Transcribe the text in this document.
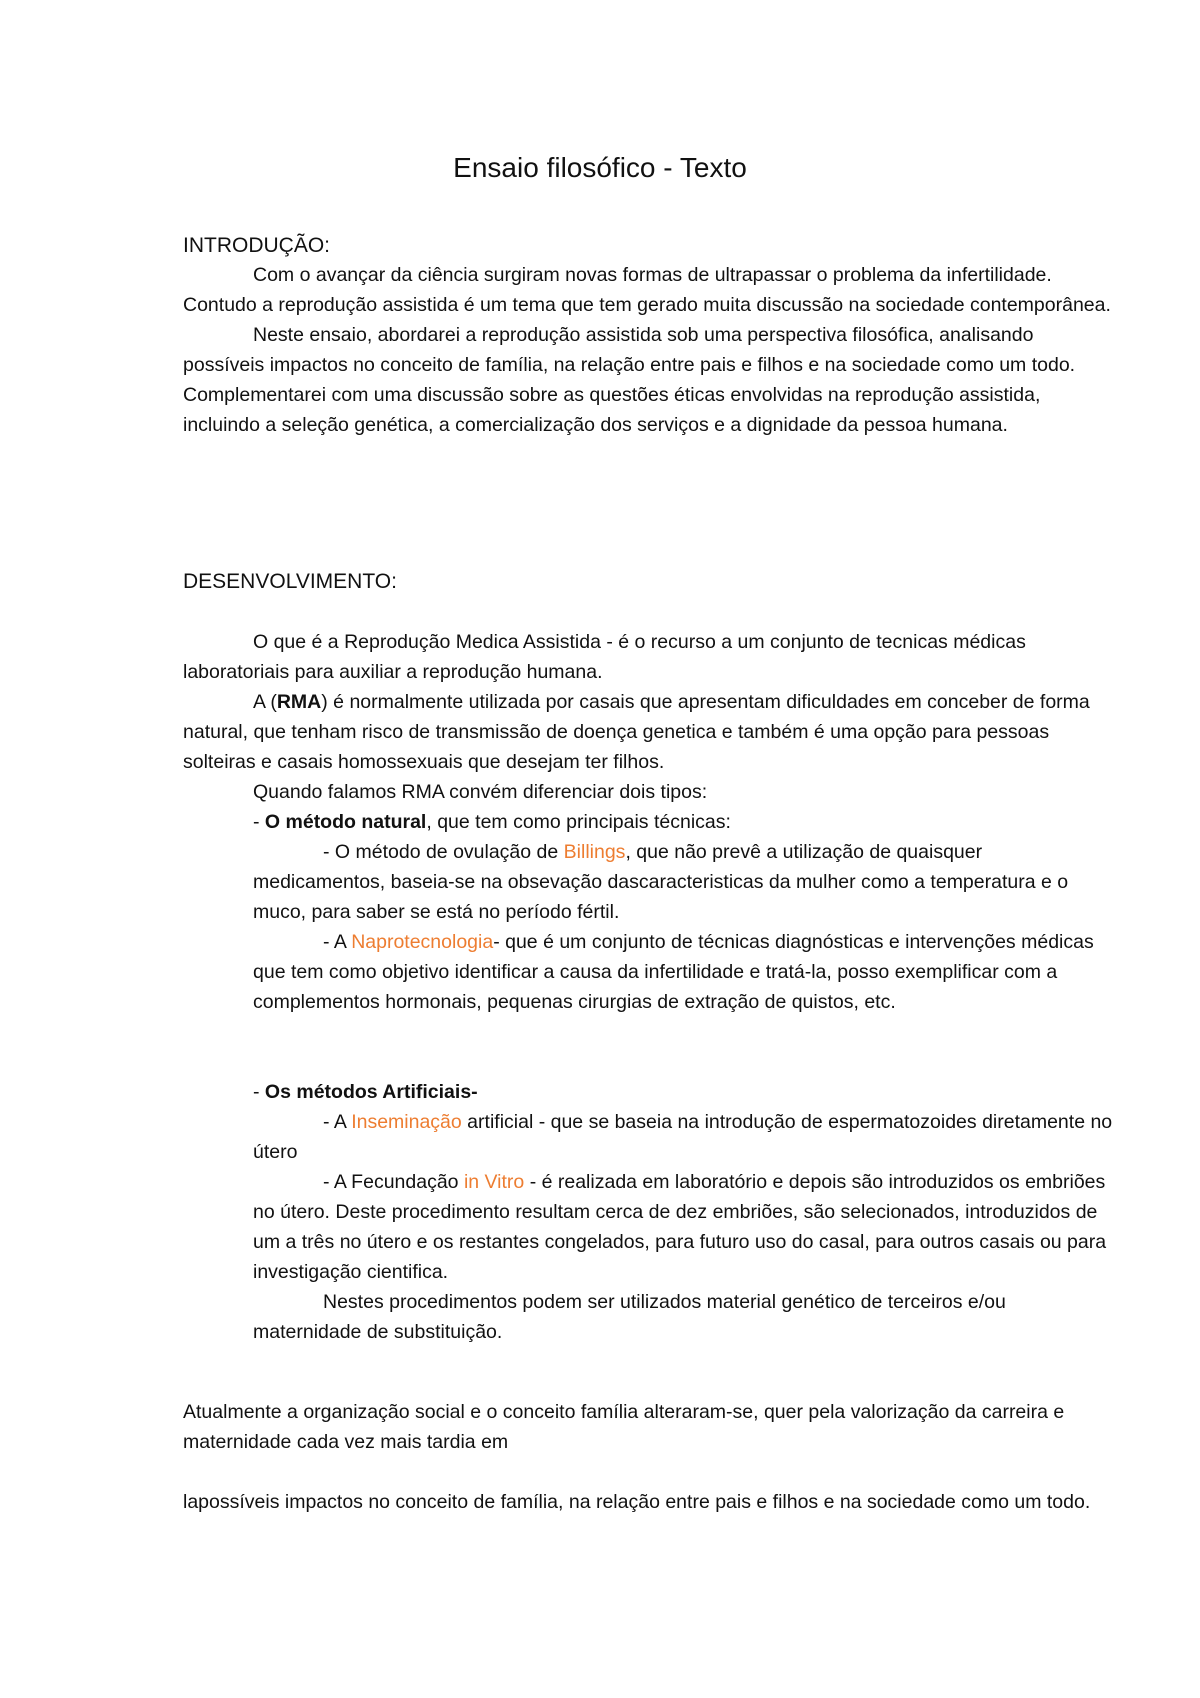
Ensaio filosófico - Texto
INTRODUÇÃO:

Com o avançar da ciência surgiram novas formas de ultrapassar o problema da infertilidade. Contudo a reprodução assistida é um tema que tem gerado muita discussão na sociedade contemporânea.

Neste ensaio, abordarei a reprodução assistida sob uma perspectiva filosófica, analisando possíveis impactos no conceito de família, na relação entre pais e filhos e na sociedade como um todo. Complementarei com uma discussão sobre as questões éticas envolvidas na reprodução assistida, incluindo a seleção genética, a comercialização dos serviços e a dignidade da pessoa humana.

DESENVOLVIMENTO:

O que é a Reprodução Medica Assistida - é o recurso a um conjunto de tecnicas médicas laboratoriais para auxiliar a reprodução humana.

A (RMA) é normalmente utilizada por casais que apresentam dificuldades em conceber de forma natural, que tenham risco de transmissão de doença genetica e também é uma opção para pessoas solteiras e casais homossexuais que desejam ter filhos.

Quando falamos RMA convém diferenciar dois tipos:

- O método natural, que tem como principais técnicas:

- O método de ovulação de Billings, que não prevê a utilização de quaisquer medicamentos, baseia-se na obsevação dascaracteristicas da mulher como a temperatura e o muco, para saber se está no período fértil.

- A Naprotecnologia- que é um conjunto de técnicas diagnósticas e intervenções médicas que tem como objetivo identificar a causa da infertilidade e tratá-la, posso exemplificar com a complementos hormonais, pequenas cirurgias de extração de quistos, etc.

- Os métodos Artificiais-

- A Inseminação artificial - que se baseia na introdução de espermatozoides diretamente no útero

- A Fecundação in Vitro - é realizada em laboratório e depois são introduzidos os embriões no útero. Deste procedimento resultam cerca de dez embriões, são selecionados, introduzidos de um a três no útero e os restantes congelados, para futuro uso do casal, para outros casais ou para investigação cientifica.

Nestes procedimentos podem ser utilizados material genético de terceiros e/ou maternidade de substituição.

Atualmente a organização social e o conceito família alteraram-se, quer pela valorização da carreira e maternidade cada vez mais tardia em

lapossíveis impactos no conceito de família, na relação entre pais e filhos e na sociedade como um todo.
